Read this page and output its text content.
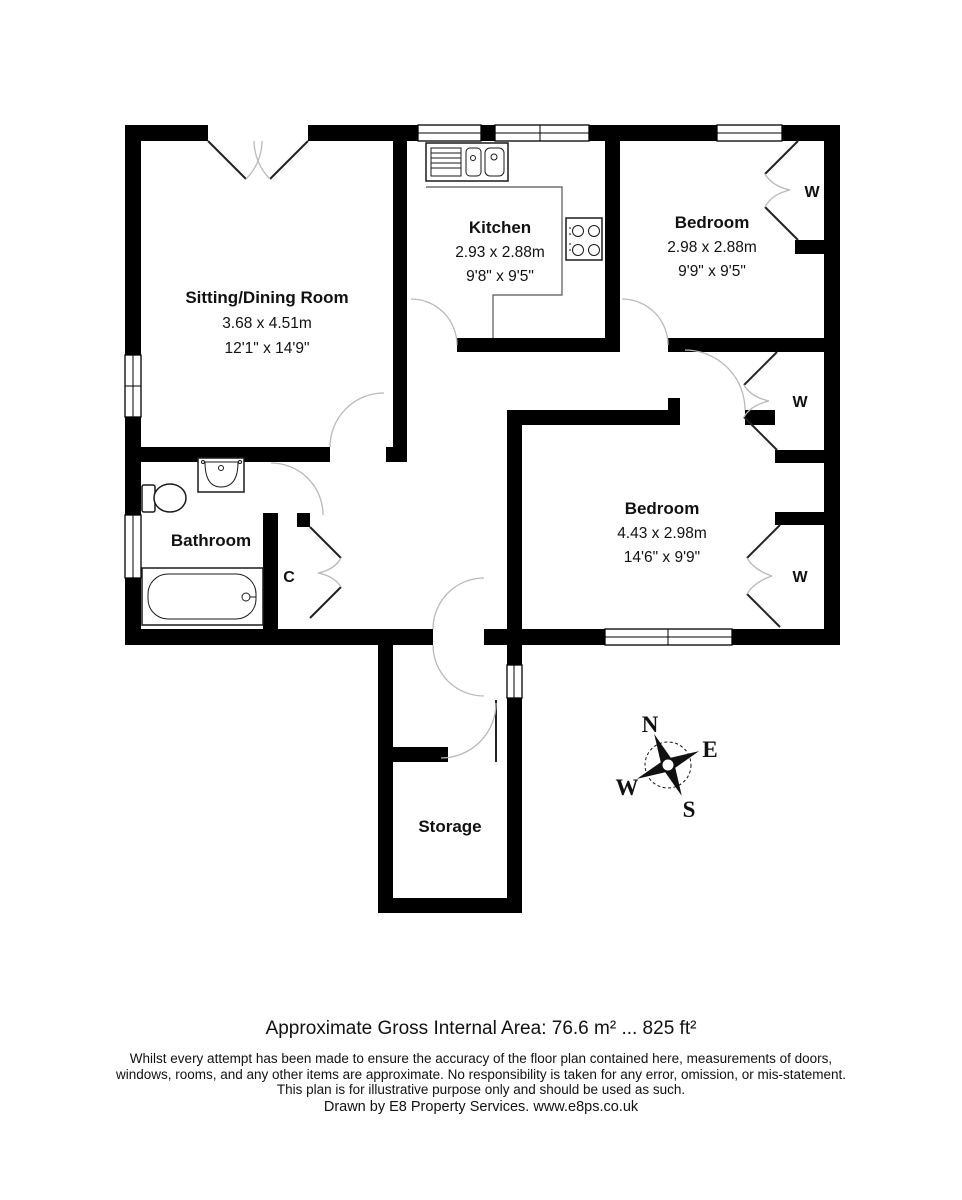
Sitting/Dining Room
3.68 x 4.51m
12'1" x 14'9"
Kitchen
2.93 x 2.88m
9'8" x 9'5"
Bedroom
2.98 x 2.88m
9'9" x 9'5"
Bedroom
4.43 x 2.98m
14'6" x 9'9"
Bathroom
Storage
W
W
W
C
N
E
W
S
Approximate Gross Internal Area: 76.6 m² ... 825 ft²
Whilst every attempt has been made to ensure the accuracy of the floor plan contained here, measurements of doors,
windows, rooms, and any other items are approximate. No responsibility is taken for any error, omission, or mis-statement.
This plan is for illustrative purpose only and should be used as such.
Drawn by E8 Property Services. www.e8ps.co.uk
